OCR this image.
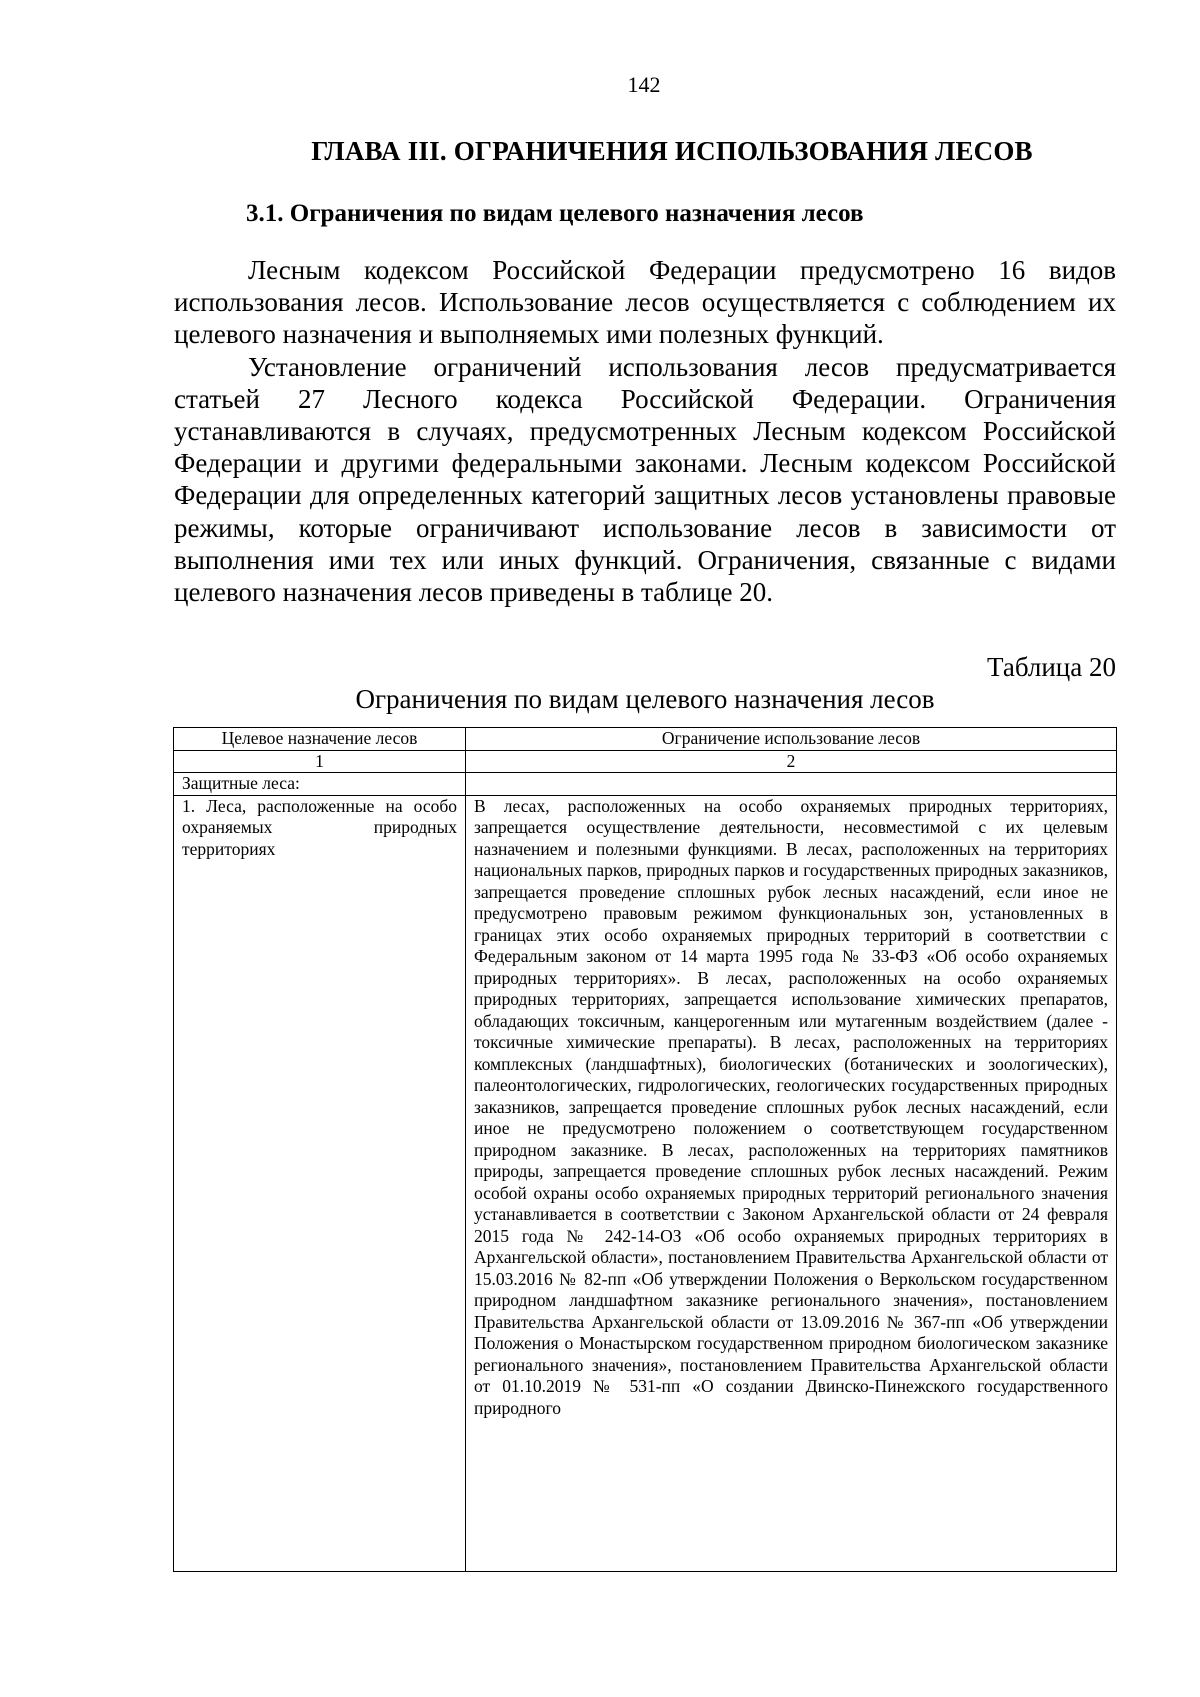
142
ГЛАВА III. ОГРАНИЧЕНИЯ ИСПОЛЬЗОВАНИЯ ЛЕСОВ
3.1. Ограничения по видам целевого назначения лесов

Лесным кодексом Российской Федерации предусмотрено 16 видов использования лесов. Использование лесов осуществляется с соблюдением их целевого назначения и выполняемых ими полезных функций.

Установление ограничений использования лесов предусматривается статьей 27 Лесного кодекса Российской Федерации. Ограничения устанавливаются в случаях, предусмотренных Лесным кодексом Российской Федерации и другими федеральными законами. Лесным кодексом Российской Федерации для определенных категорий защитных лесов установлены правовые режимы, которые ограничивают использование лесов в зависимости от выполнения ими тех или иных функций. Ограничения, связанные с видами целевого назначения лесов приведены в таблице 20.

Таблица 20
Ограничения по видам целевого назначения лесов
Целевое назначение лесов	Ограничение использование лесов
1	2
Защитные леса:	
1. Леса, расположенные на особо охраняемых природных территориях	В лесах, расположенных на особо охраняемых природных территориях, запрещается осуществление деятельности, несовместимой с их целевым назначением и полезными функциями. В лесах, расположенных на территориях национальных парков, природных парков и государственных природных заказников, запрещается проведение сплошных рубок лесных насаждений, если иное не предусмотрено правовым режимом функциональных зон, установленных в границах этих особо охраняемых природных территорий в соответствии с Федеральным законом от 14 марта 1995 года № 33-ФЗ «Об особо охраняемых природных территориях». В лесах, расположенных на особо охраняемых природных территориях, запрещается использование химических препаратов, обладающих токсичным, канцерогенным или мутагенным воздействием (далее - токсичные химические препараты). В лесах, расположенных на территориях комплексных (ландшафтных), биологических (ботанических и зоологических), палеонтологических, гидрологических, геологических государственных природных заказников, запрещается проведение сплошных рубок лесных насаждений, если иное не предусмотрено положением о соответствующем государственном природном заказнике. В лесах, расположенных на территориях памятников природы, запрещается проведение сплошных рубок лесных насаждений. Режим особой охраны особо охраняемых природных территорий регионального значения устанавливается в соответствии с Законом Архангельской области от 24 февраля 2015 года № 242-14-ОЗ «Об особо охраняемых природных территориях в Архангельской области», постановлением Правительства Архангельской области от 15.03.2016 № 82-пп «Об утверждении Положения о Веркольском государственном природном ландшафтном заказнике регионального значения», постановлением Правительства Архангельской области от 13.09.2016 № 367-пп «Об утверждении Положения о Монастырском государственном природном биологическом заказнике регионального значения», постановлением Правительства Архангельской области от 01.10.2019 № 531-пп «О создании Двинско-Пинежского государственного природного
